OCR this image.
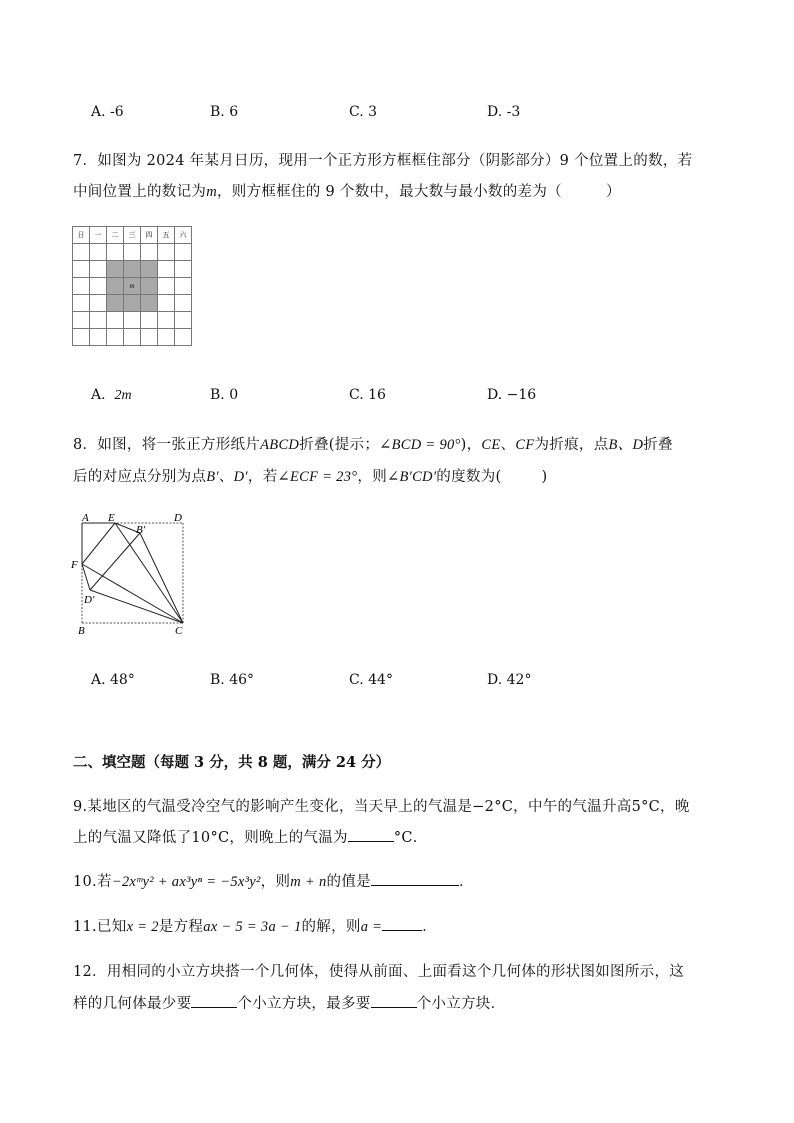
A. -6	B. 6	C. 3	D. -3
7．如图为 2024 年某月日历，现用一个正方形方框框住部分（阴影部分）9 个位置上的数，若
中间位置上的数记为m，则方框框住的 9 个数中，最大数与最小数的差为（	）
日	一	二	三	四	五	六

			m			

A. 2m	B. 0	C. 16	D. −16
8．如图，将一张正方形纸片ABCD折叠(提示；∠BCD = 90°)，CE、CF为折痕，点B、D折叠
后的对应点分别为点B′、D′，若∠ECF = 23°，则∠B′CD′的度数为(	)
A E
B′
D
F
D′
B	C
A. 48°	B. 46°	C. 44°	D. 42°
二、填空题（每题 3 分，共 8 题，满分 24 分）
9.某地区的气温受冷空气的影响产生变化，当天早上的气温是−2°C，中午的气温升高5°C，晚
上的气温又降低了10°C，则晚上的气温为	°C．
10.若−2xᵐy² + ax³yⁿ = −5x³y²，则m + n的值是	．
11.已知x = 2是方程ax − 5 = 3a − 1的解，则a =	．
12．用相同的小立方块搭一个几何体，使得从前面、上面看这个几何体的形状图如图所示，这
样的几何体最少要	个小立方块，最多要	个小立方块．
